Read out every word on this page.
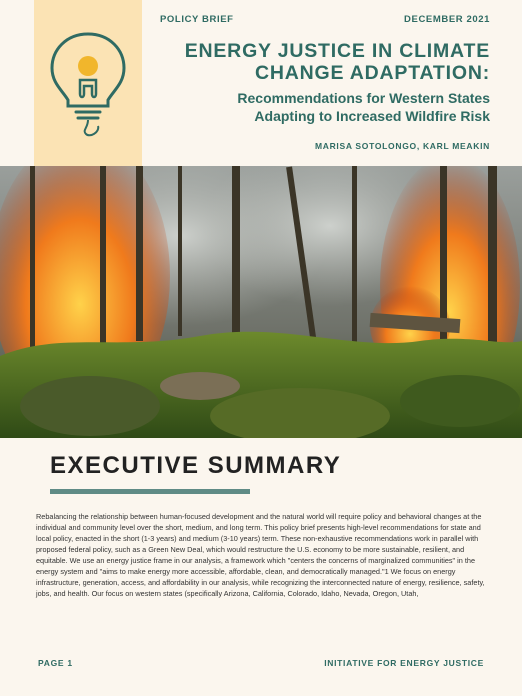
POLICY BRIEF	DECEMBER 2021
ENERGY JUSTICE IN CLIMATE
CHANGE ADAPTATION:
Recommendations for Western States
Adapting to Increased Wildfire Risk
MARISA SOTOLONGO, KARL MEAKIN
EXECUTIVE SUMMARY

Rebalancing the relationship between human-focused development and the natural world will require policy and behavioral changes at the individual and community level over the short, medium, and long term. This policy brief presents high-level recommendations for state and local policy, enacted in the short (1-3 years) and medium (3-10 years) term. These non-exhaustive recommendations work in parallel with proposed federal policy, such as a Green New Deal, which would restructure the U.S. economy to be more sustainable, resilient, and equitable. We use an energy justice frame in our analysis, a framework which "centers the concerns of marginalized communities" in the energy system and "aims to make energy more accessible, affordable, clean, and democratically managed."1 We focus on energy infrastructure, generation, access, and affordability in our analysis, while recognizing the interconnected nature of energy, resilience, safety, jobs, and health. Our focus on western states (specifically Arizona, California, Colorado, Idaho, Nevada, Oregon, Utah,

PAGE 1	INITIATIVE FOR ENERGY JUSTICE
